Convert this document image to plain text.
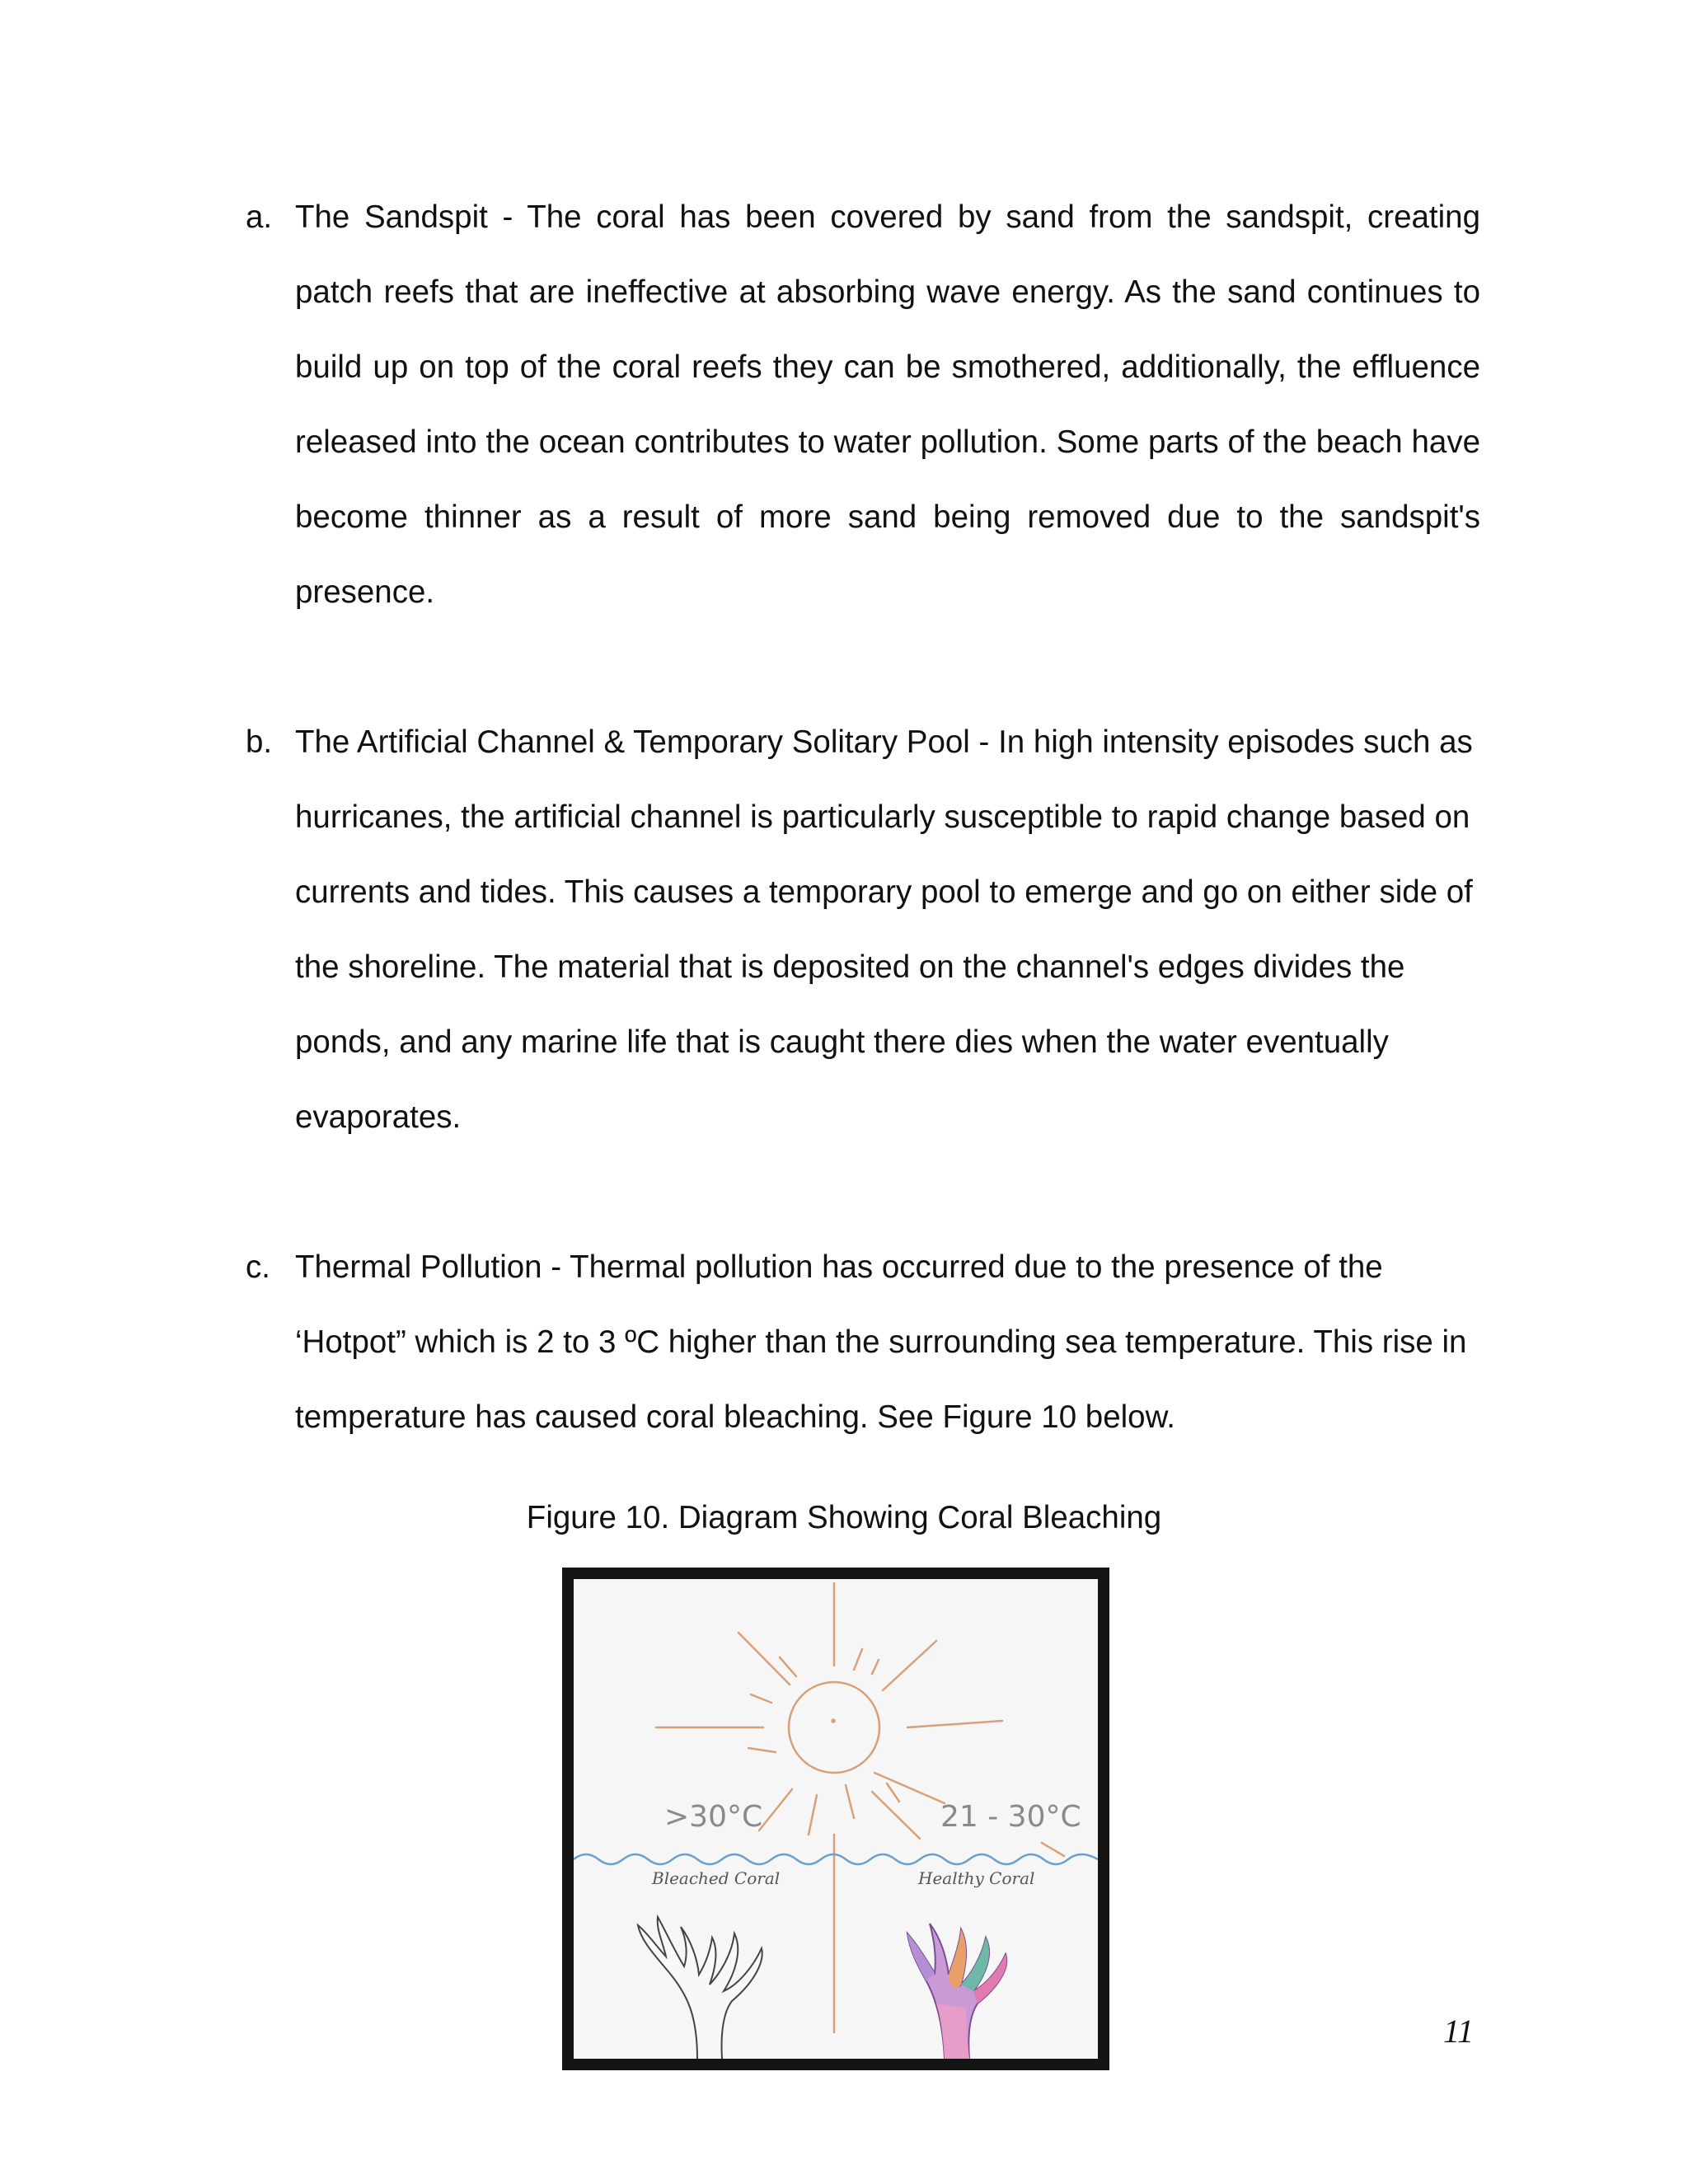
a. The Sandspit - The coral has been covered by sand from the sandspit, creating patch reefs that are ineffective at absorbing wave energy. As the sand continues to build up on top of the coral reefs they can be smothered, additionally, the effluence released into the ocean contributes to water pollution. Some parts of the beach have become thinner as a result of more sand being removed due to the sandspit's presence.
b. The Artificial Channel & Temporary Solitary Pool - In high intensity episodes such as hurricanes, the artificial channel is particularly susceptible to rapid change based on currents and tides. This causes a temporary pool to emerge and go on either side of the shoreline. The material that is deposited on the channel's edges divides the ponds, and any marine life that is caught there dies when the water eventually evaporates.
c. Thermal Pollution - Thermal pollution has occurred due to the presence of the ‘Hotpot” which is 2 to 3 ºC higher than the surrounding sea temperature. This rise in temperature has caused coral bleaching. See Figure 10 below.
Figure 10. Diagram Showing Coral Bleaching
>30°C	21 - 30°C
Bleached Coral	Healthy Coral
11
